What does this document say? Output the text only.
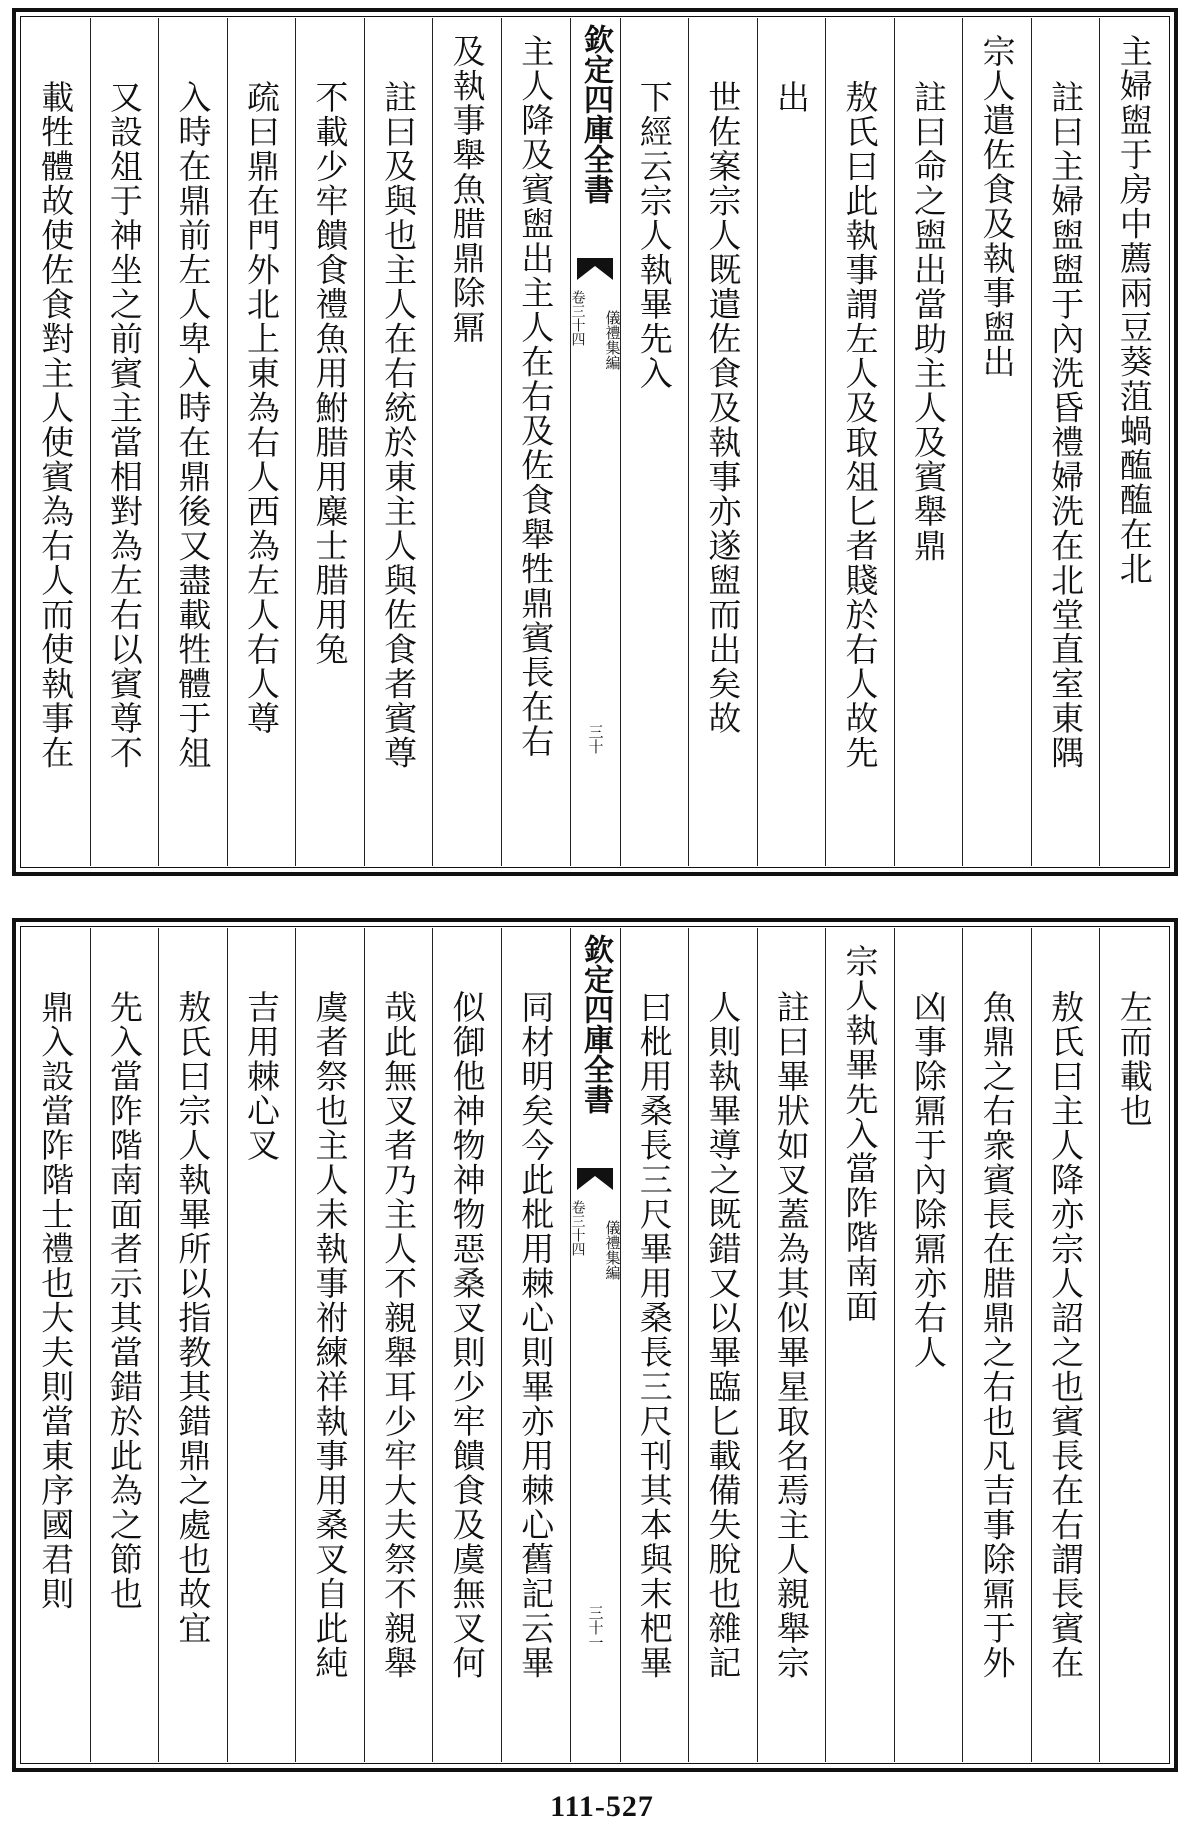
主婦盥于房中薦兩豆葵菹蝸醢醢在北
註曰主婦盥盥于內洗昏禮婦洗在北堂直室東隅
宗人遣佐食及執事盥出
註曰命之盥出當助主人及賓舉鼎
敖氏曰此執事謂左人及取俎匕者賤於右人故先
出
世佐案宗人既遣佐食及執事亦遂盥而出矣故
下經云宗人執畢先入
欽定四庫全書
儀禮集編
卷三十四
三十
主人降及賓盥出主人在右及佐食舉牲鼎賓長在右
及執事舉魚腊鼎除鼏
註曰及與也主人在右統於東主人與佐食者賓尊
不載少牢饋食禮魚用鮒腊用麋士腊用兔
疏曰鼎在門外北上東為右人西為左人右人尊
入時在鼎前左人卑入時在鼎後又盡載牲體于俎
又設俎于神坐之前賓主當相對為左右以賓尊不
載牲體故使佐食對主人使賓為右人而使執事在
左而載也
敖氏曰主人降亦宗人詔之也賓長在右謂長賓在
魚鼎之右衆賓長在腊鼎之右也凡吉事除鼏于外
凶事除鼏于內除鼏亦右人
宗人執畢先入當阼階南面
註曰畢狀如叉蓋為其似畢星取名焉主人親舉宗
人則執畢導之既錯又以畢臨匕載備失脫也雜記
曰枇用桑長三尺畢用桑長三尺刊其本與末杷畢
欽定四庫全書
儀禮集編
卷三十四
三十一
同材明矣今此枇用棘心則畢亦用棘心舊記云畢
似御他神物神物惡桑叉則少牢饋食及虞無叉何
哉此無叉者乃主人不親舉耳少牢大夫祭不親舉
虞者祭也主人未執事祔練祥執事用桑叉自此純
吉用棘心叉
敖氏曰宗人執畢所以指教其錯鼎之處也故宜
先入當阼階南面者示其當錯於此為之節也
鼎入設當阼階士禮也大夫則當東序國君則
111-527
